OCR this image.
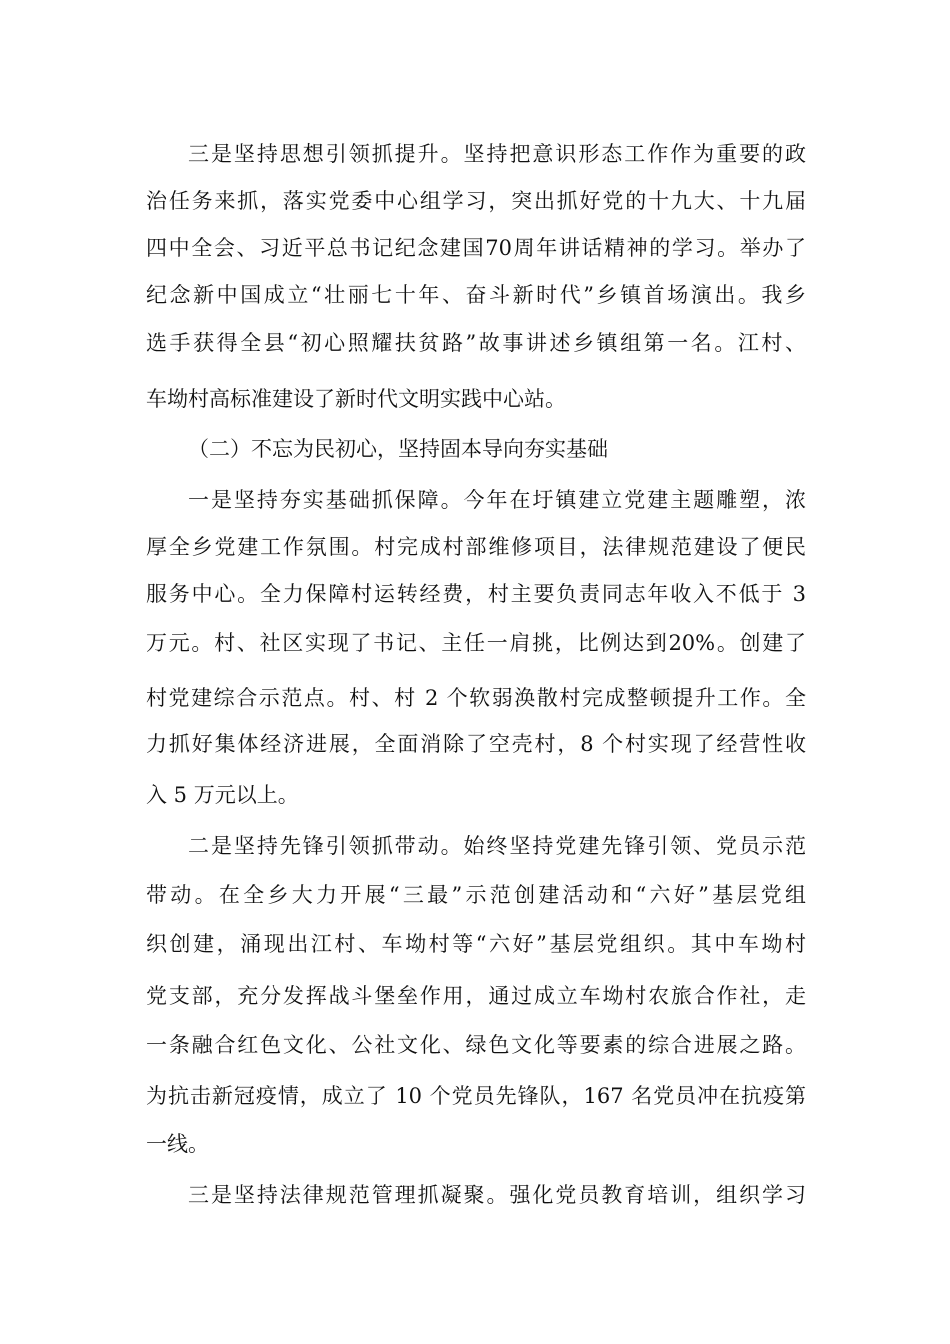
三是坚持思想引领抓提升。坚持把意识形态工作作为重要的政
治任务来抓，落实党委中心组学习，突出抓好党的十九大、十九届
四中全会、习近平总书记纪念建国70周年讲话精神的学习。举办了
纪念新中国成立“壮丽七十年、奋斗新时代”乡镇首场演出。我乡
选手获得全县“初心照耀扶贫路”故事讲述乡镇组第一名。江村、
车坳村高标准建设了新时代文明实践中心站。
（二）不忘为民初心，坚持固本导向夯实基础
一是坚持夯实基础抓保障。今年在圩镇建立党建主题雕塑，浓
厚全乡党建工作氛围。村完成村部维修项目，法律规范建设了便民
服务中心。全力保障村运转经费，村主要负责同志年收入不低于 3
万元。村、社区实现了书记、主任一肩挑，比例达到20%。创建了
村党建综合示范点。村、村 2 个软弱涣散村完成整顿提升工作。全
力抓好集体经济进展，全面消除了空壳村，8 个村实现了经营性收
入 5 万元以上。
二是坚持先锋引领抓带动。始终坚持党建先锋引领、党员示范
带动。在全乡大力开展“三最”示范创建活动和“六好”基层党组
织创建，涌现出江村、车坳村等“六好”基层党组织。其中车坳村
党支部，充分发挥战斗堡垒作用，通过成立车坳村农旅合作社，走
一条融合红色文化、公社文化、绿色文化等要素的综合进展之路。
为抗击新冠疫情，成立了 10 个党员先锋队，167 名党员冲在抗疫第
一线。
三是坚持法律规范管理抓凝聚。强化党员教育培训，组织学习
